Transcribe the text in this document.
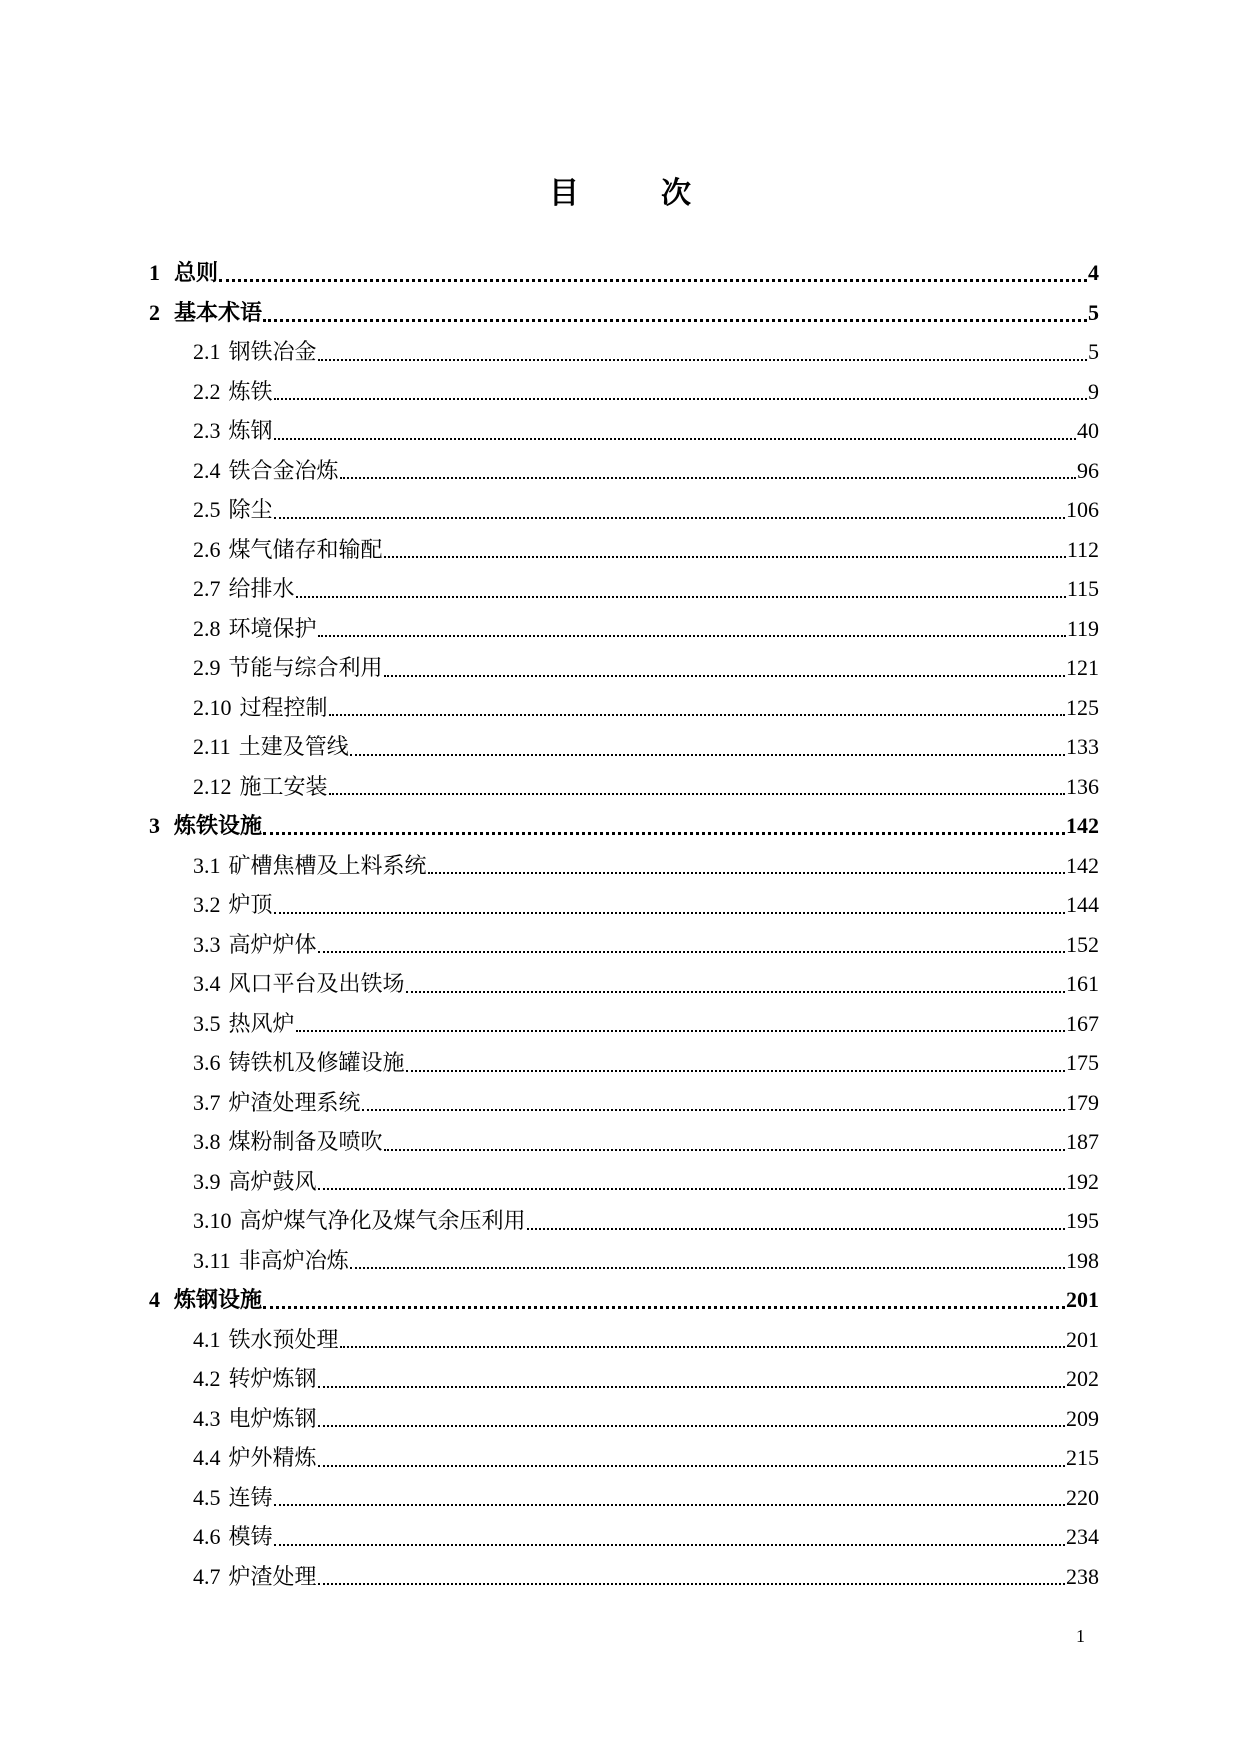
目　次
1 总则	4
2 基本术语	5
2.1 钢铁冶金	5
2.2 炼铁	9
2.3 炼钢	40
2.4 铁合金冶炼	96
2.5 除尘	106
2.6 煤气储存和输配	112
2.7 给排水	115
2.8 环境保护	119
2.9 节能与综合利用	121
2.10 过程控制	125
2.11 土建及管线	133
2.12 施工安装	136
3 炼铁设施	142
3.1 矿槽焦槽及上料系统	142
3.2 炉顶	144
3.3 高炉炉体	152
3.4 风口平台及出铁场	161
3.5 热风炉	167
3.6 铸铁机及修罐设施	175
3.7 炉渣处理系统	179
3.8 煤粉制备及喷吹	187
3.9 高炉鼓风	192
3.10 高炉煤气净化及煤气余压利用	195
3.11 非高炉冶炼	198
4 炼钢设施	201
4.1 铁水预处理	201
4.2 转炉炼钢	202
4.3 电炉炼钢	209
4.4 炉外精炼	215
4.5 连铸	220
4.6 模铸	234
4.7 炉渣处理	238
1
